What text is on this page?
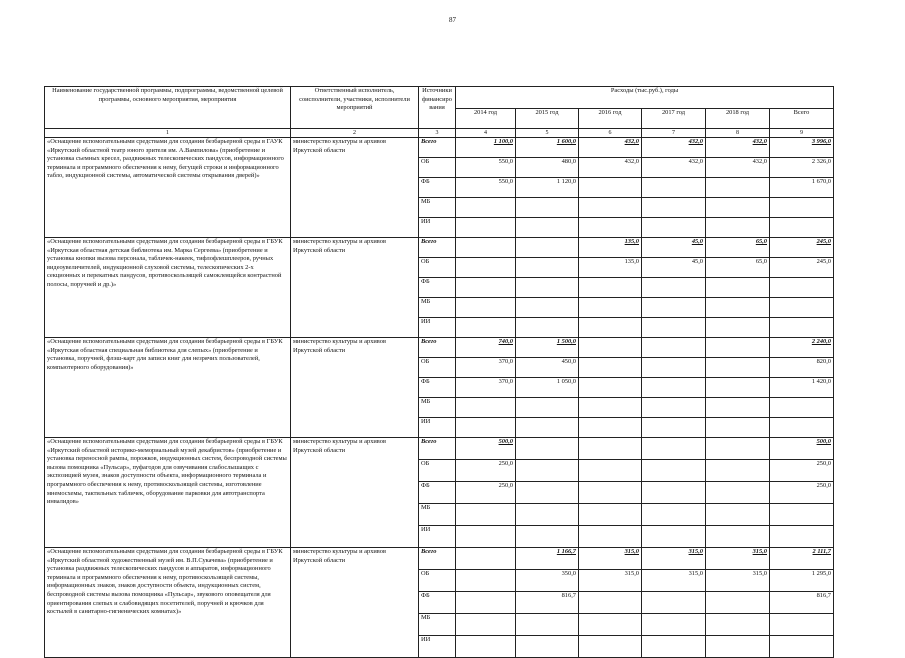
87
Наименование государственной программы, подпрограммы, ведомственной целевой программы, основного мероприятия, мероприятия	Ответственный исполнитель, соисполнители, участники, исполнители мероприятий	Источники финансиро вания	Расходы (тыс.руб.), годы					
			2014 год	2015 год	2016 год	2017 год	2018 год	Всего
1	2	3	4	5	6	7	8	9
«Оснащение вспомогательными средствами для создания безбарьерной среды в ГАУК «Иркутский областной театр юного зрителя им. А.Вампилова» (приобретение и установка съемных кресел, раздвижных телескопических пандусов, информационного терминала и программного обеспечения к нему, бегущей строки и информационного табло, индукционной системы, автоматической системы открывания дверей)»	министерство культуры и архивов Иркутской области	Всего	1 100,0	1 600,0	432,0	432,0	432,0	3 996,0
		ОБ	550,0	480,0	432,0	432,0	432,0	2 326,0
		ФБ	550,0	1 120,0				1 670,0
		МБ						
		ИИ						
«Оснащение вспомогательными средствами для создания безбарьерной среды в ГБУК «Иркутская областная детская библиотека им. Марка Сергеева» (приобретение и установка кнопки вызова персонала, табличек-накеек, тифлофлешплееров, ручных видеоувеличителей, индукционной слуховой системы, телескопических 2-х секционных и перекатных пандусов, противоскользящей самоклеящейся контрастной полосы, поручней и др.)»	министерство культуры и архивов Иркутской области	Всего			135,0	45,0	65,0	245,0
		ОБ			135,0	45,0	65,0	245,0
		ФБ						
		МБ						
		ИИ						
«Оснащение вспомогательными средствами для создания безбарьерной среды в ГБУК «Иркутская областная специальная библиотека для слепых» (приобретение и установка, поручней, флэш-карт для записи книг для незрячих пользователей, компьютерного оборудования)»	министерство культуры и архивов Иркутской области	Всего	740,0	1 500,0				2 240,0
		ОБ	370,0	450,0				820,0
		ФБ	370,0	1 050,0				1 420,0
		МБ						
		ИИ						
«Оснащение вспомогательными средствами для создания безбарьерной среды в ГБУК «Иркутский областной историко-мемориальный музей декабристов» (приобретение и установка переносной рампы, порожков, индукционных систем, беспроводной системы вызова помощника «Пульсар», пуфагодов для озвучивания слабослышащих с экспозицией музея, знаков доступности объекта, информационного терминала и программного обеспечения к нему, противоскользящей системы, изготовление мнемосхемы, тактильных табличек, оборудование парковки для автотранспорта инвалидов»	министерство культуры и архивов Иркутской области	Всего	500,0					500,0
		ОБ	250,0					250,0
		ФБ	250,0					250,0
		МБ						
		ИИ						
«Оснащение вспомогательными средствами для создания безбарьерной среды в ГБУК «Иркутский областной художественный музей им. В.П.Сукачева» (приобретение и установка раздвижных телескопических пандусов и аппаратов, информационного терминала и программного обеспечения к нему, противоскользящей системы, информационных знаков, знаков доступности объекта, индукционных систем, беспроводной системы вызова помощника «Пульсар», звукового оповещателя для ориентирования слепых и слабовидящих посетителей, поручней и крючков для костылей в санитарно-гигиенических комнатах)»	министерство культуры и архивов Иркутской области	Всего		1 166,7	315,0	315,0	315,0	2 111,7
		ОБ		350,0	315,0	315,0	315,0	1 295,0
		ФБ		816,7				816,7
		МБ						
		ИИ						
